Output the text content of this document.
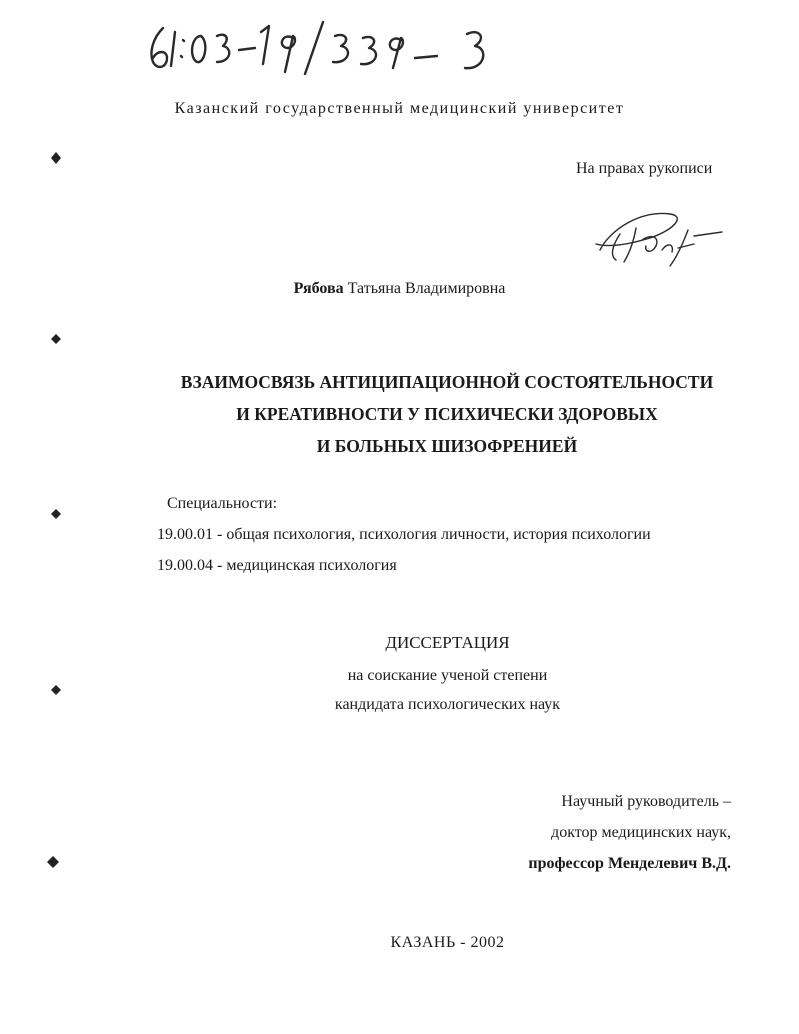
Казанский государственный медицинский университет
На правах рукописи
Рябова Татьяна Владимировна
ВЗАИМОСВЯЗЬ АНТИЦИПАЦИОННОЙ СОСТОЯТЕЛЬНОСТИ
И КРЕАТИВНОСТИ У ПСИХИЧЕСКИ ЗДОРОВЫХ
И БОЛЬНЫХ ШИЗОФРЕНИЕЙ
Специальности:
19.00.01 - общая психология, психология личности, история психологии
19.00.04 - медицинская психология
ДИССЕРТАЦИЯ
на соискание ученой степени
кандидата психологических наук
Научный руководитель –
доктор медицинских наук,
профессор Менделевич В.Д.
КАЗАНЬ - 2002
